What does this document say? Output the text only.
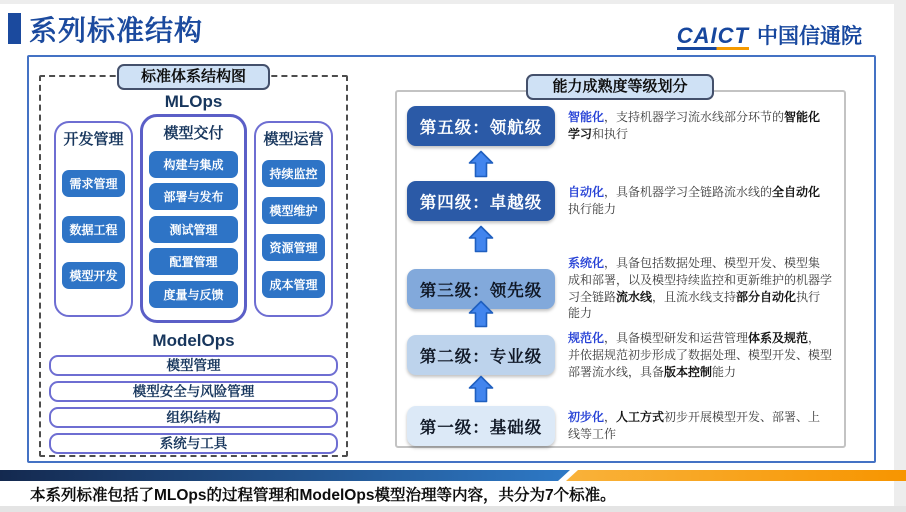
系列标准结构	CAICT 中国信通院
标准体系结构图
能力成熟度等级划分
MLOps
开发管理
需求管理
数据工程
模型开发
模型交付
构建与集成
部署与发布
测试管理
配置管理
度量与反馈
模型运营
持续监控
模型维护
资源管理
成本管理
ModelOps
模型管理
模型安全与风险管理
组织结构
系统与工具
第五级：领航级
智能化，支持机器学习流水线部分环节的智能化学习和执行
第四级：卓越级
自动化，具备机器学习全链路流水线的全自动化执行能力
第三级：领先级
系统化，具备包括数据处理、模型开发、模型集成和部署，以及模型持续监控和更新维护的机器学习全链路流水线，且流水线支持部分自动化执行能力
第二级：专业级
规范化，具备模型研发和运营管理体系及规范，并依据规范初步形成了数据处理、模型开发、模型部署流水线，具备版本控制能力
第一级：基础级
初步化，人工方式初步开展模型开发、部署、上线等工作
本系列标准包括了MLOps的过程管理和ModelOps模型治理等内容，共分为7个标准。
